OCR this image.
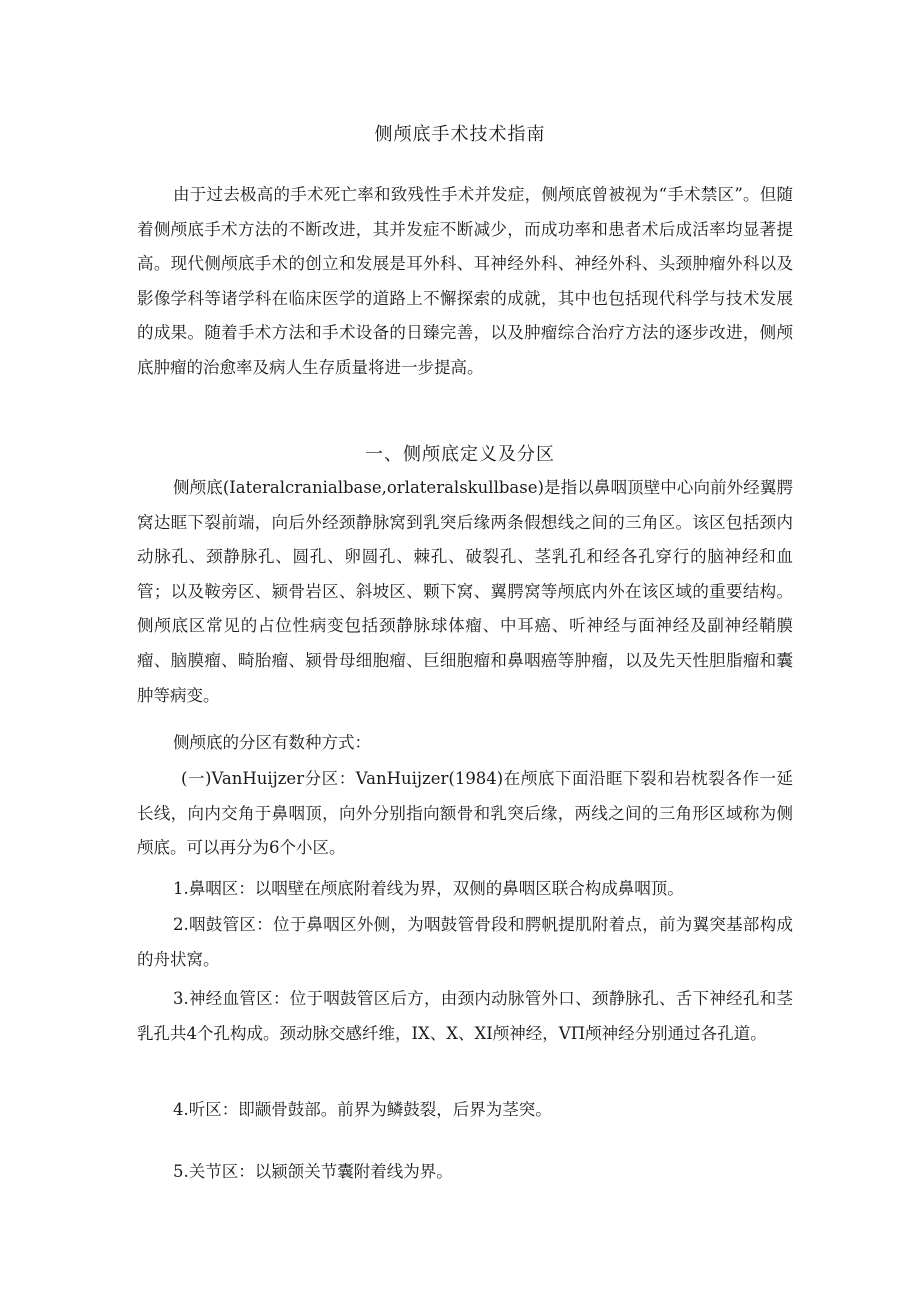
侧颅底手术技术指南

由于过去极高的手术死亡率和致残性手术并发症，侧颅底曾被视为“手术禁区”。但随着侧颅底手术方法的不断改进，其并发症不断减少，而成功率和患者术后成活率均显著提高。现代侧颅底手术的创立和发展是耳外科、耳神经外科、神经外科、头颈肿瘤外科以及影像学科等诸学科在临床医学的道路上不懈探索的成就，其中也包括现代科学与技术发展的成果。随着手术方法和手术设备的日臻完善，以及肿瘤综合治疗方法的逐步改进，侧颅底肿瘤的治愈率及病人生存质量将进一步提高。

一、侧颅底定义及分区

侧颅底(Iateralcranialbase,orlateralskullbase)是指以鼻咽顶壁中心向前外经翼腭窝达眶下裂前端，向后外经颈静脉窝到乳突后缘两条假想线之间的三角区。该区包括颈内动脉孔、颈静脉孔、圆孔、卵圆孔、棘孔、破裂孔、茎乳孔和经各孔穿行的脑神经和血管；以及鞍旁区、颍骨岩区、斜坡区、颗下窝、翼腭窝等颅底内外在该区域的重要结构。侧颅底区常见的占位性病变包括颈静脉球体瘤、中耳癌、听神经与面神经及副神经鞘膜瘤、脑膜瘤、畸胎瘤、颍骨母细胞瘤、巨细胞瘤和鼻咽癌等肿瘤，以及先天性胆脂瘤和囊肿等病变。

侧颅底的分区有数种方式：

(一)VanHuijzer分区：VanHuijzer(1984)在颅底下面沿眶下裂和岩枕裂各作一延长线，向内交角于鼻咽顶，向外分别指向额骨和乳突后缘，两线之间的三角形区域称为侧颅底。可以再分为6个小区。

1.鼻咽区：以咽壁在颅底附着线为界，双侧的鼻咽区联合构成鼻咽顶。

2.咽鼓管区：位于鼻咽区外侧，为咽鼓管骨段和腭帆提肌附着点，前为翼突基部构成的舟状窝。

3.神经血管区：位于咽鼓管区后方，由颈内动脉管外口、颈静脉孔、舌下神经孔和茎乳孔共4个孔构成。颈动脉交感纤维，IX、X、XI颅神经，VΠ颅神经分别通过各孔道。

4.听区：即颛骨鼓部。前界为鳞鼓裂，后界为茎突。

5.关节区：以颍颌关节囊附着线为界。
